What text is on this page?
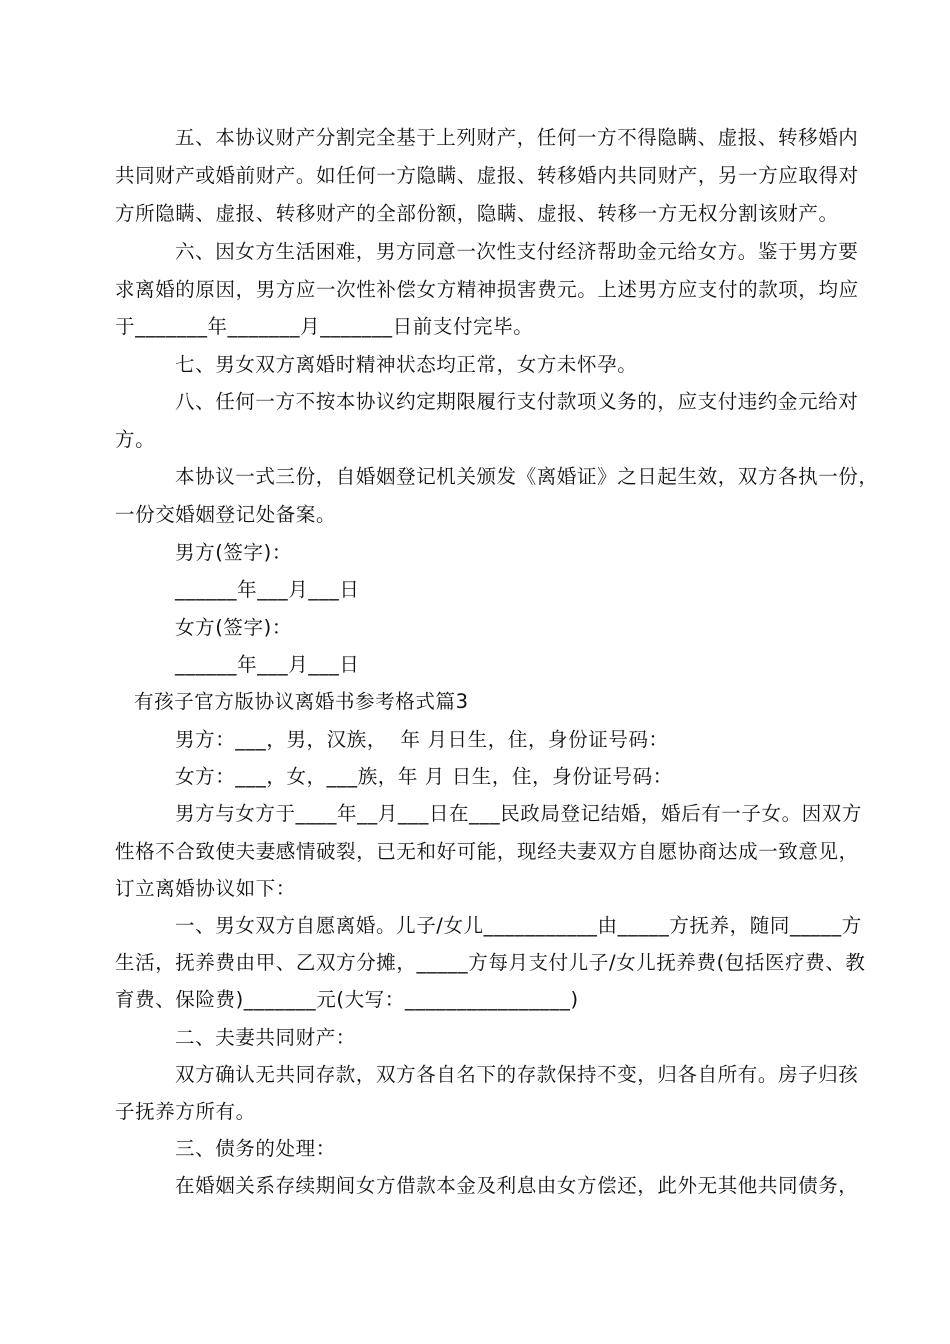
五、本协议财产分割完全基于上列财产，任何一方不得隐瞒、虚报、转移婚内
共同财产或婚前财产。如任何一方隐瞒、虚报、转移婚内共同财产，另一方应取得对
方所隐瞒、虚报、转移财产的全部份额，隐瞒、虚报、转移一方无权分割该财产。
六、因女方生活困难，男方同意一次性支付经济帮助金元给女方。鉴于男方要
求离婚的原因，男方应一次性补偿女方精神损害费元。上述男方应支付的款项，均应
于_______年_______月_______日前支付完毕。
七、男女双方离婚时精神状态均正常，女方未怀孕。
八、任何一方不按本协议约定期限履行支付款项义务的，应支付违约金元给对
方。
本协议一式三份，自婚姻登记机关颁发《离婚证》之日起生效，双方各执一份，
一份交婚姻登记处备案。
男方(签字)：
______年___月___日
女方(签字)：
______年___月___日
有孩子官方版协议离婚书参考格式篇3
男方：___，男，汉族，  年 月日生，住，身份证号码：
女方：___，女，___族，年 月 日生，住，身份证号码：
男方与女方于____年__月___日在___民政局登记结婚，婚后有一子女。因双方
性格不合致使夫妻感情破裂，已无和好可能，现经夫妻双方自愿协商达成一致意见，
订立离婚协议如下：
一、男女双方自愿离婚。儿子/女儿___________由_____方抚养，随同_____方
生活，抚养费由甲、乙双方分摊，_____方每月支付儿子/女儿抚养费(包括医疗费、教
育费、保险费)_______元(大写：________________)
二、夫妻共同财产：
双方确认无共同存款，双方各自名下的存款保持不变，归各自所有。房子归孩
子抚养方所有。
三、债务的处理：
在婚姻关系存续期间女方借款本金及利息由女方偿还，此外无其他共同债务，
